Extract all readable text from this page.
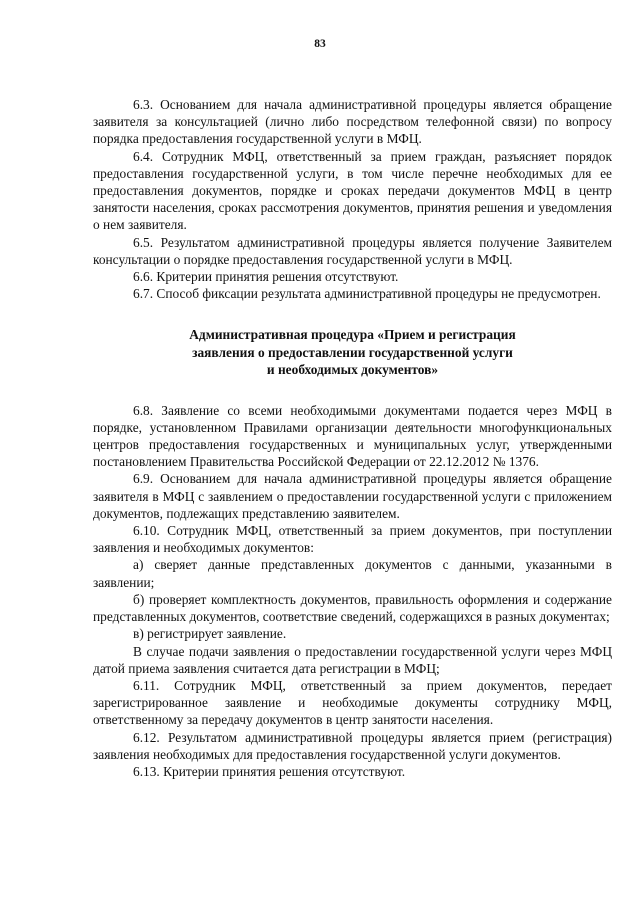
83

6.3. Основанием для начала административной процедуры является обращение заявителя за консультацией (лично либо посредством телефонной связи) по вопросу порядка предоставления государственной услуги в МФЦ.

6.4. Сотрудник МФЦ, ответственный за прием граждан, разъясняет порядок предоставления государственной услуги, в том числе перечне необходимых для ее предоставления документов, порядке и сроках передачи документов МФЦ в центр занятости населения, сроках рассмотрения документов, принятия решения и уведомления о нем заявителя.

6.5. Результатом административной процедуры является получение Заявителем консультации о порядке предоставления государственной услуги в МФЦ.

6.6. Критерии принятия решения отсутствуют.

6.7. Способ фиксации результата административной процедуры не предусмотрен.

Административная процедура «Прием и регистрация
заявления о предоставлении государственной услуги
и необходимых документов»

6.8. Заявление со всеми необходимыми документами подается через МФЦ в порядке, установленном Правилами организации деятельности многофункциональных центров предоставления государственных и муниципальных услуг, утвержденными постановлением Правительства Российской Федерации от 22.12.2012 № 1376.

6.9. Основанием для начала административной процедуры является обращение заявителя в МФЦ с заявлением о предоставлении государственной услуги с приложением документов, подлежащих представлению заявителем.

6.10. Сотрудник МФЦ, ответственный за прием документов, при поступлении заявления и необходимых документов:

а) сверяет данные представленных документов с данными, указанными в заявлении;

б) проверяет комплектность документов, правильность оформления и содержание представленных документов, соответствие сведений, содержащихся в разных документах;

в) регистрирует заявление.

В случае подачи заявления о предоставлении государственной услуги через МФЦ датой приема заявления считается дата регистрации в МФЦ;

6.11. Сотрудник МФЦ, ответственный за прием документов, передает зарегистрированное заявление и необходимые документы сотруднику МФЦ, ответственному за передачу документов в центр занятости населения.

6.12. Результатом административной процедуры является прием (регистрация) заявления необходимых для предоставления государственной услуги документов.

6.13. Критерии принятия решения отсутствуют.
